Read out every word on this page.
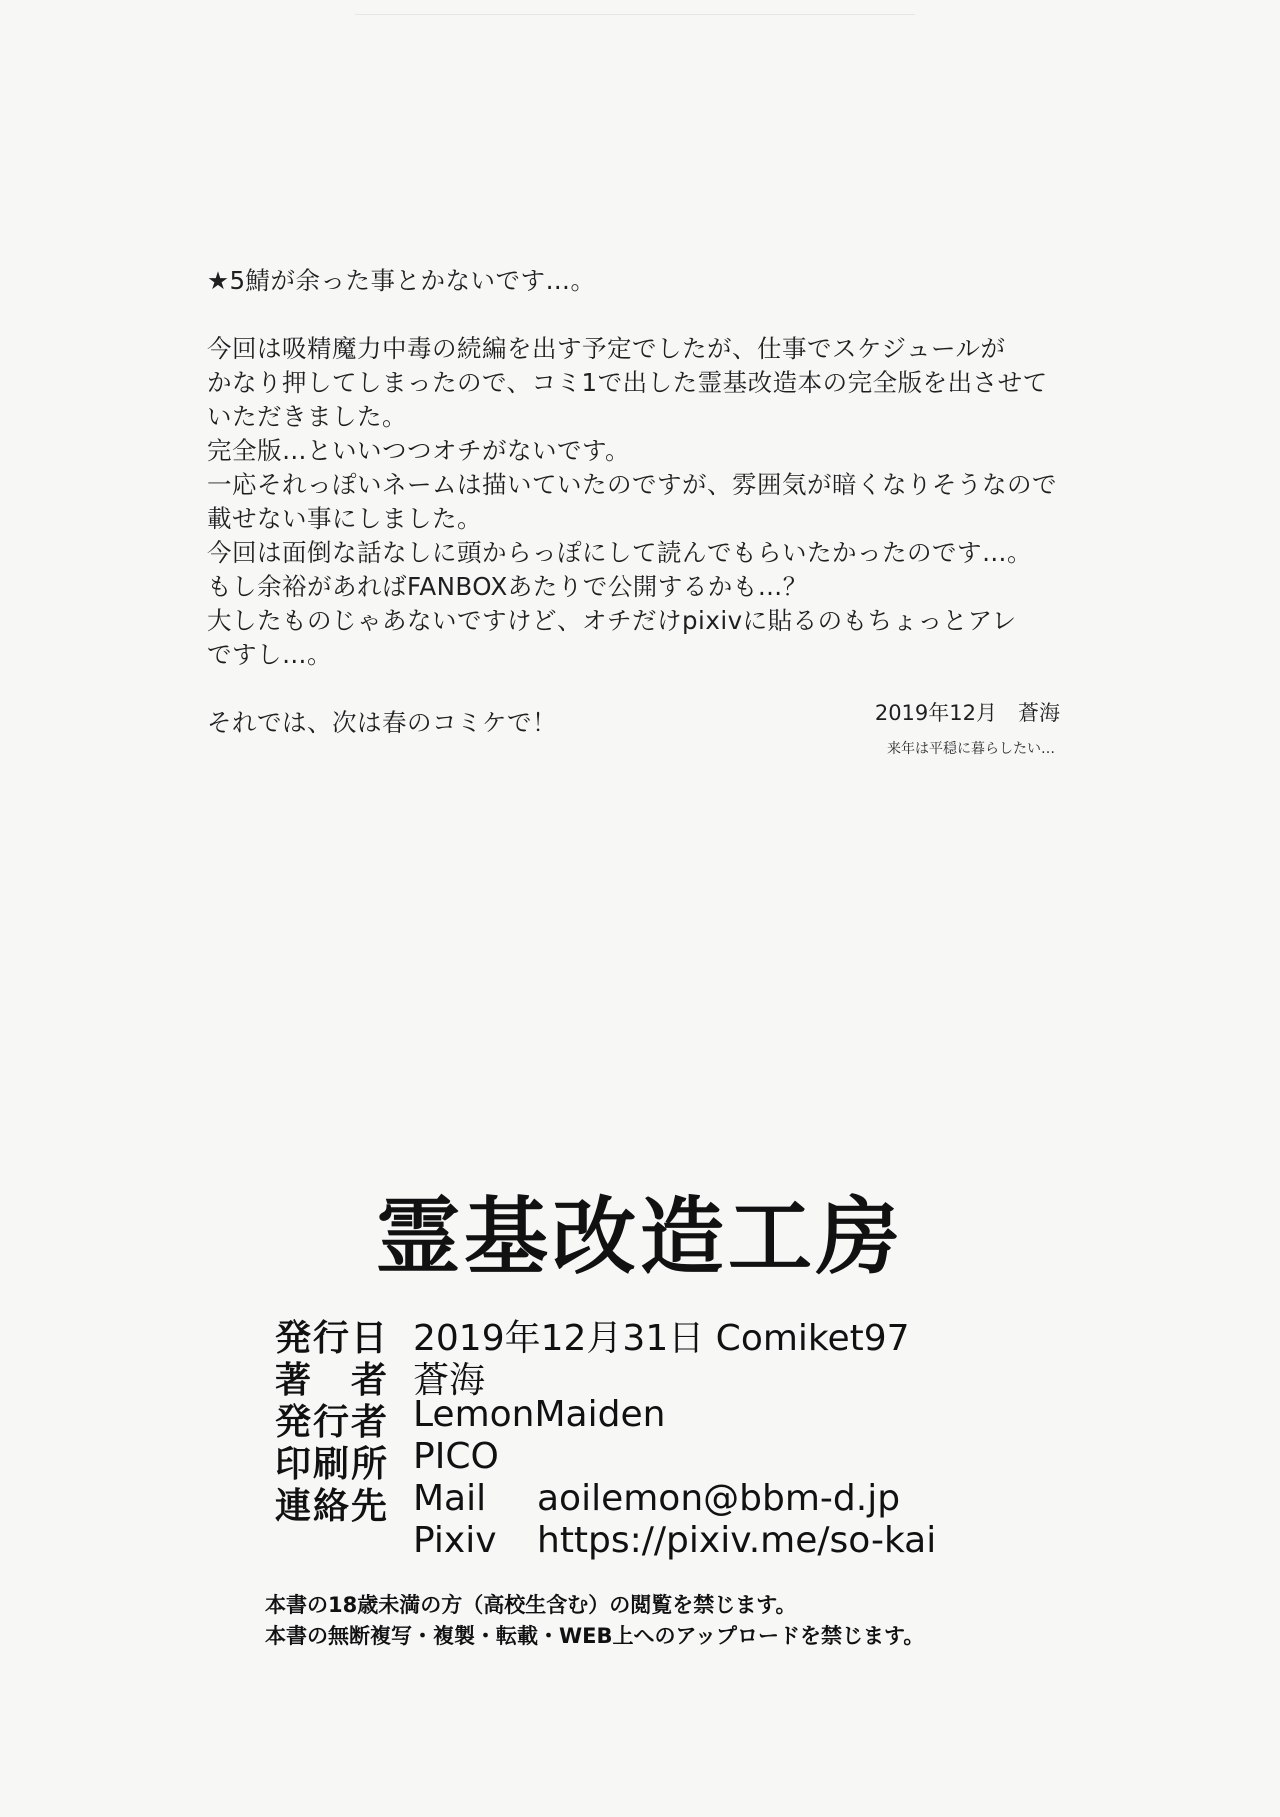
★5鯖が余った事とかないです…。
今回は吸精魔力中毒の続編を出す予定でしたが、仕事でスケジュールが
かなり押してしまったので、コミ1で出した霊基改造本の完全版を出させて
いただきました。
完全版…といいつつオチがないです。
一応それっぽいネームは描いていたのですが、雰囲気が暗くなりそうなので
載せない事にしました。
今回は面倒な話なしに頭からっぽにして読んでもらいたかったのです…。
もし余裕があればFANBOXあたりで公開するかも…？
大したものじゃあないですけど、オチだけpixivに貼るのもちょっとアレ
ですし…。
それでは、次は春のコミケで！	2019年12月　蒼海
来年は平穏に暮らしたい…
霊基改造工房
発行日 2019年12月31日 Comiket97
著　者 蒼海
発行者 LemonMaiden
印刷所 PICO
連絡先 Mail aoilemon@bbm-d.jp
Pixiv https://pixiv.me/so-kai
本書の18歳未満の方（高校生含む）の閲覧を禁じます。
本書の無断複写・複製・転載・WEB上へのアップロードを禁じます。
